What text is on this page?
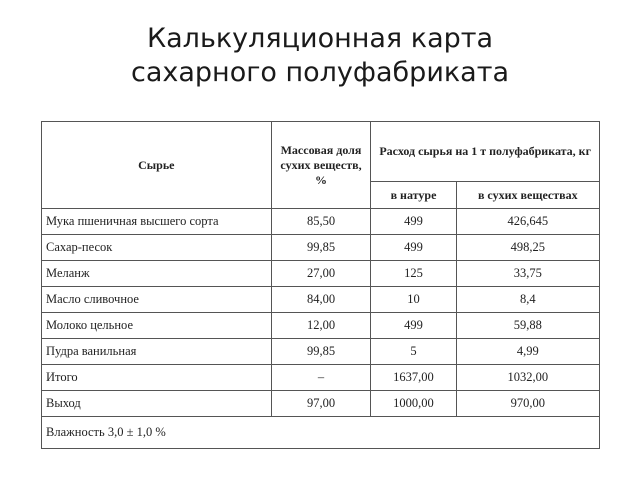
Калькуляционная карта
сахарного полуфабриката
Сырье	Массовая доля сухих веществ, %	Расход сырья на 1 т полуфабриката, кг	
		в натуре	в сухих веществах
Мука пшеничная высшего сорта	85,50	499	426,645
Сахар-песок	99,85	499	498,25
Меланж	27,00	125	33,75
Масло сливочное	84,00	10	8,4
Молоко цельное	12,00	499	59,88
Пудра ванильная	99,85	5	4,99
Итого	–	1637,00	1032,00
Выход	97,00	1000,00	970,00
Влажность 3,0 ± 1,0 %			
